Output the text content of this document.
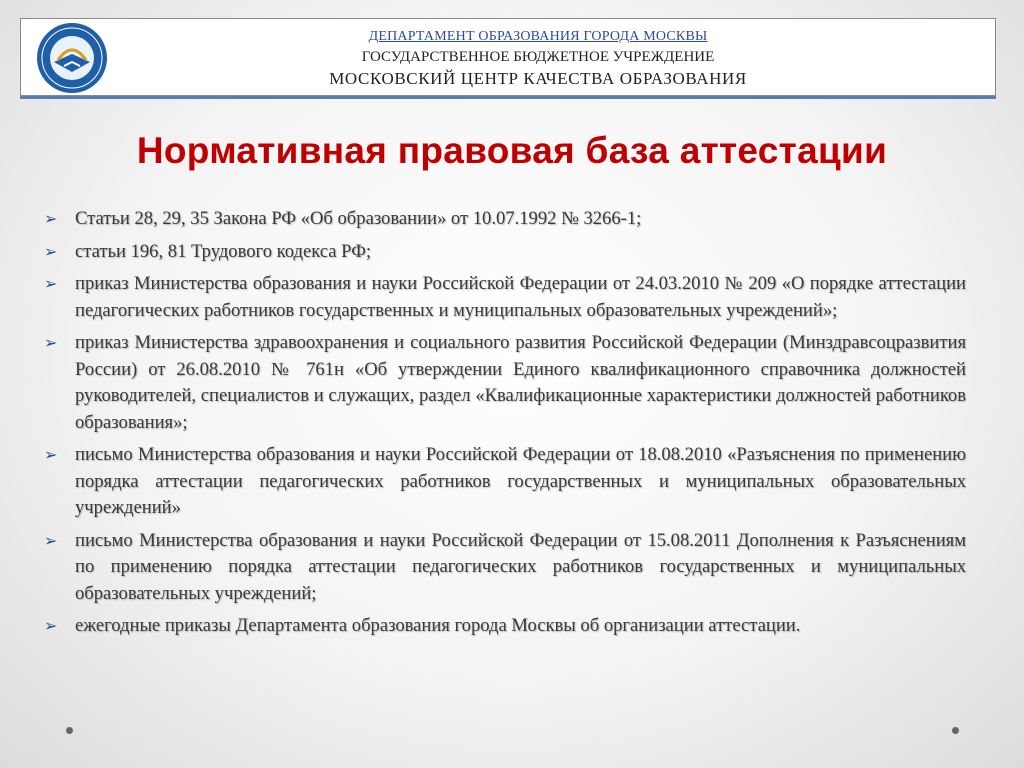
ДЕПАРТАМЕНТ ОБРАЗОВАНИЯ ГОРОДА МОСКВЫ
ГОСУДАРСТВЕННОЕ БЮДЖЕТНОЕ УЧРЕЖДЕНИЕ
МОСКОВСКИЙ ЦЕНТР КАЧЕСТВА ОБРАЗОВАНИЯ
Нормативная правовая база аттестации
➢ Статьи 28, 29, 35 Закона РФ «Об образовании» от 10.07.1992 № 3266-1;
➢ статьи 196, 81 Трудового кодекса РФ;
➢ приказ Министерства образования и науки Российской Федерации от 24.03.2010 № 209 «О порядке аттестации педагогических работников государственных и муниципальных образовательных учреждений»;
➢ приказ Министерства здравоохранения и социального развития Российской Федерации (Минздравсоцразвития России) от 26.08.2010 № 761н «Об утверждении Единого квалификационного справочника должностей руководителей, специалистов и служащих, раздел «Квалификационные характеристики должностей работников образования»;
➢ письмо Министерства образования и науки Российской Федерации от 18.08.2010 «Разъяснения по применению порядка аттестации педагогических работников государственных и муниципальных образовательных учреждений»
➢ письмо Министерства образования и науки Российской Федерации от 15.08.2011 Дополнения к Разъяснениям по применению порядка аттестации педагогических работников государственных и муниципальных образовательных учреждений;
➢ ежегодные приказы Департамента образования города Москвы об организации аттестации.
